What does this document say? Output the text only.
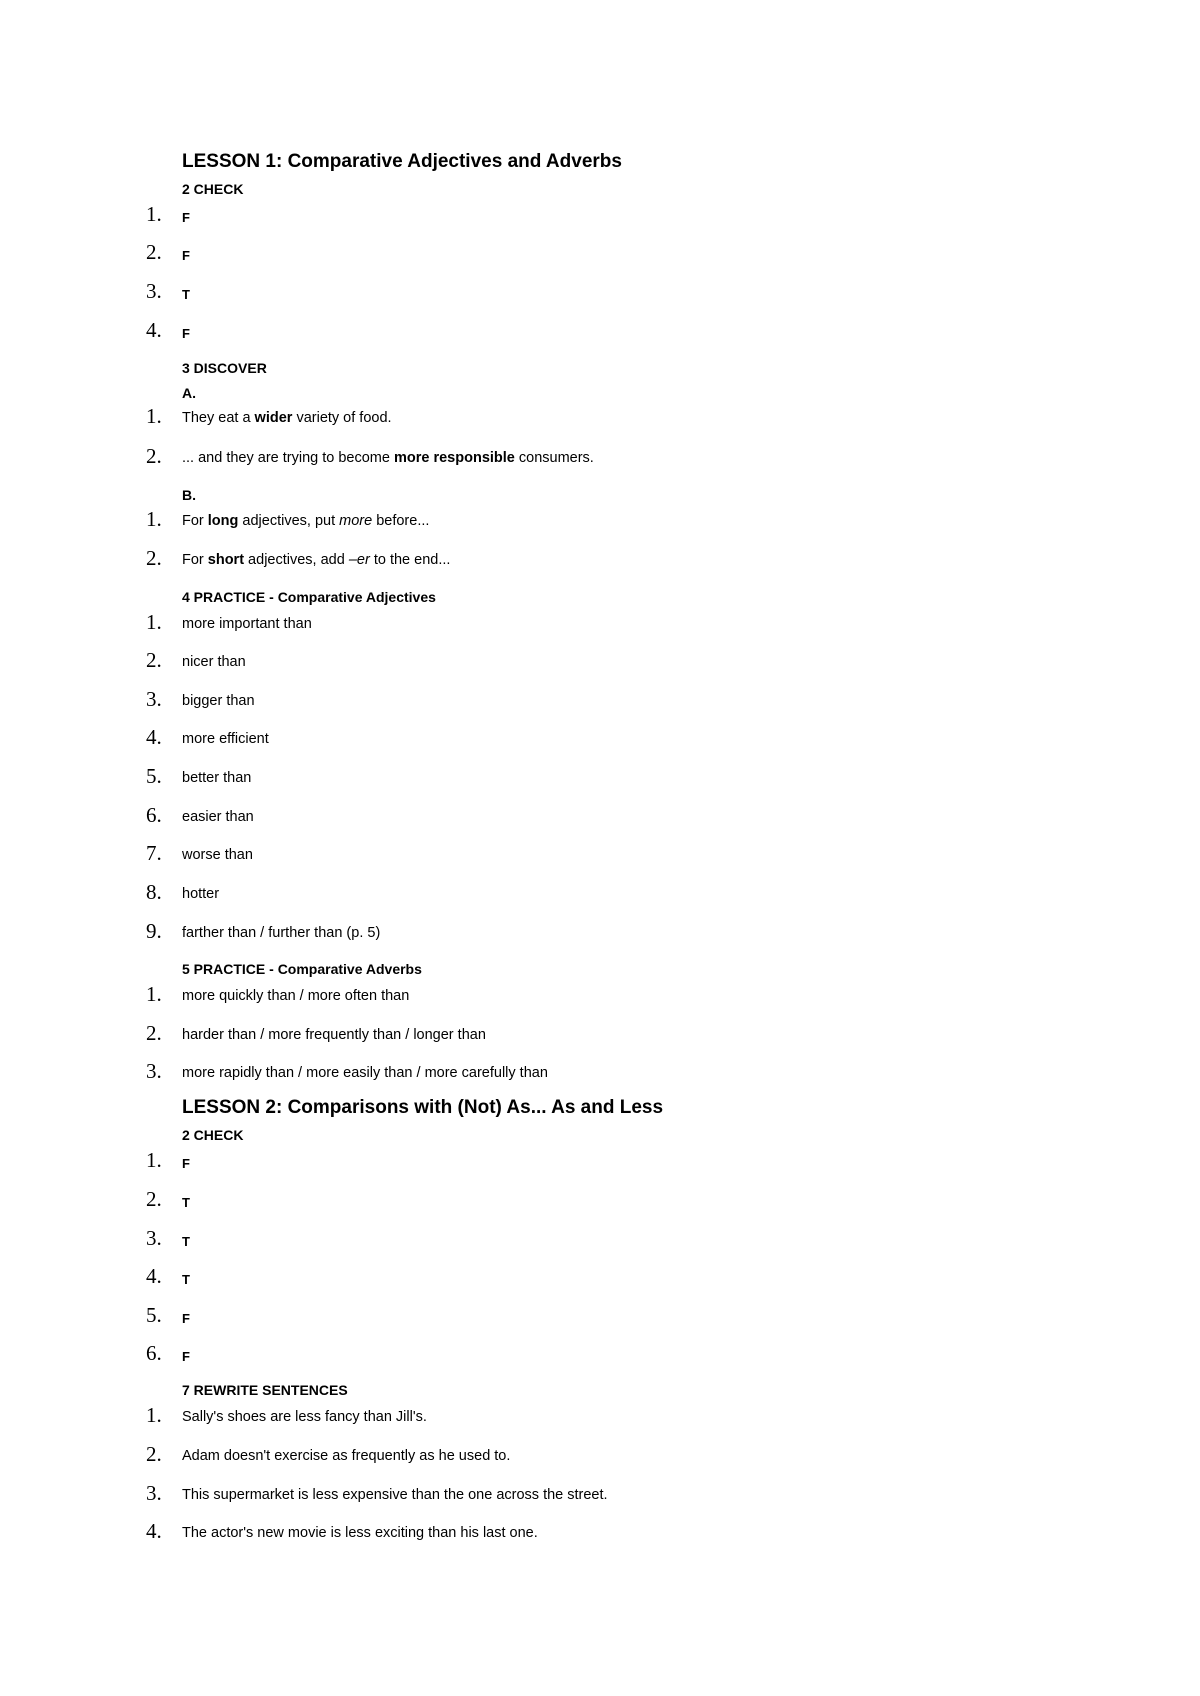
LESSON 1: Comparative Adjectives and Adverbs
2 CHECK
1. F
2. F
3. T
4. F
3 DISCOVER
A.
1. They eat a wider variety of food.
2. ... and they are trying to become more responsible consumers.
B.
1. For long adjectives, put more before...
2. For short adjectives, add –er to the end...
4 PRACTICE - Comparative Adjectives
1. more important than
2. nicer than
3. bigger than
4. more efficient
5. better than
6. easier than
7. worse than
8. hotter
9. farther than / further than (p. 5)
5 PRACTICE - Comparative Adverbs
1. more quickly than / more often than
2. harder than / more frequently than / longer than
3. more rapidly than / more easily than / more carefully than
LESSON 2: Comparisons with (Not) As... As and Less
2 CHECK
1. F
2. T
3. T
4. T
5. F
6. F
7 REWRITE SENTENCES
1. Sally's shoes are less fancy than Jill's.
2. Adam doesn't exercise as frequently as he used to.
3. This supermarket is less expensive than the one across the street.
4. The actor's new movie is less exciting than his last one.
